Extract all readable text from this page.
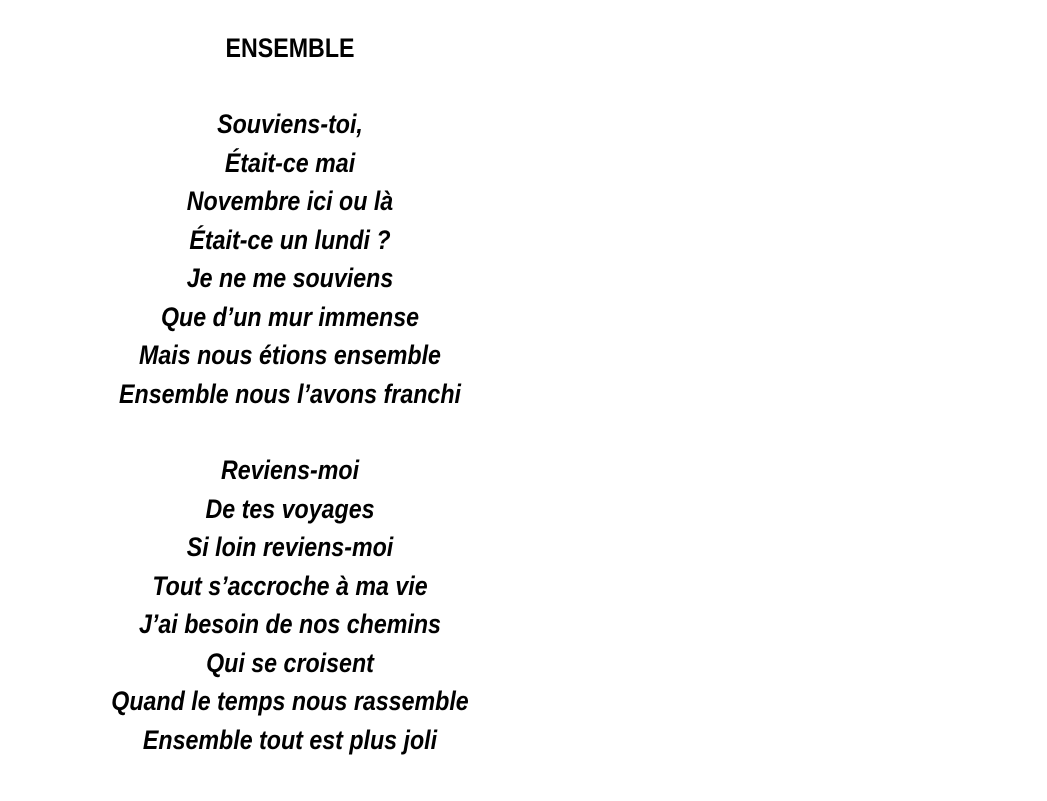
ENSEMBLE
Souviens-toi,
Était-ce mai
Novembre ici ou là
Était-ce un lundi ?
Je ne me souviens
Que d’un mur immense
Mais nous étions ensemble
Ensemble nous l’avons franchi
Reviens-moi
De tes voyages
Si loin reviens-moi
Tout s’accroche à ma vie
J’ai besoin de nos chemins
Qui se croisent
Quand le temps nous rassemble
Ensemble tout est plus joli
